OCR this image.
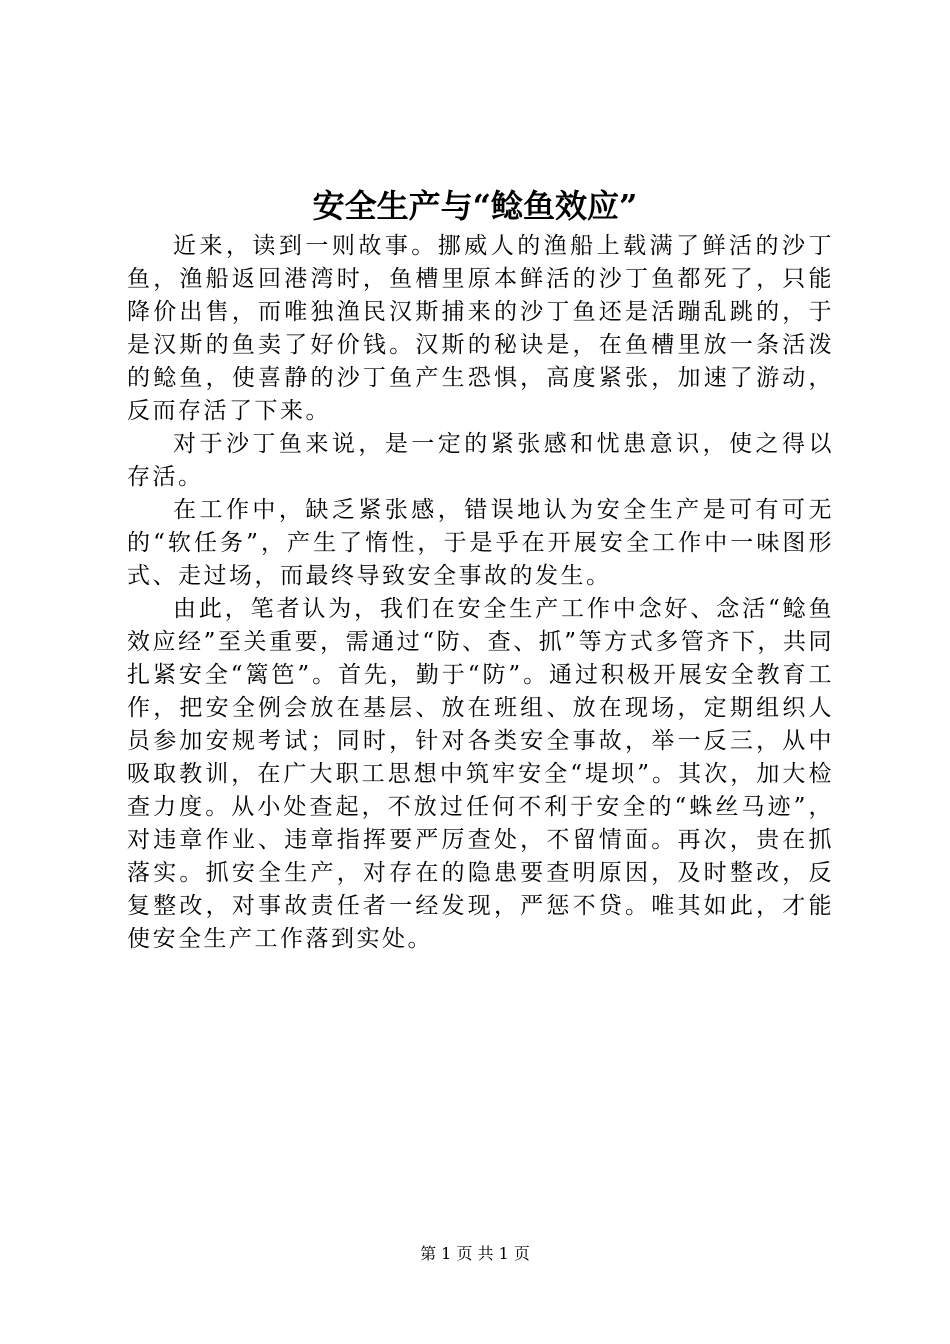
安全生产与“鲶鱼效应”

近来，读到一则故事。挪威人的渔船上载满了鲜活的沙丁鱼，渔船返回港湾时，鱼槽里原本鲜活的沙丁鱼都死了，只能降价出售，而唯独渔民汉斯捕来的沙丁鱼还是活蹦乱跳的，于是汉斯的鱼卖了好价钱。汉斯的秘诀是，在鱼槽里放一条活泼的鲶鱼，使喜静的沙丁鱼产生恐惧，高度紧张，加速了游动，反而存活了下来。

对于沙丁鱼来说，是一定的紧张感和忧患意识，使之得以存活。

在工作中，缺乏紧张感，错误地认为安全生产是可有可无的“软任务”，产生了惰性，于是乎在开展安全工作中一味图形式、走过场，而最终导致安全事故的发生。

由此，笔者认为，我们在安全生产工作中念好、念活“鲶鱼效应经”至关重要，需通过“防、查、抓”等方式多管齐下，共同扎紧安全“篱笆”。首先，勤于“防”。通过积极开展安全教育工作，把安全例会放在基层、放在班组、放在现场，定期组织人员参加安规考试；同时，针对各类安全事故，举一反三，从中吸取教训，在广大职工思想中筑牢安全“堤坝”。其次，加大检查力度。从小处查起，不放过任何不利于安全的“蛛丝马迹”，对违章作业、违章指挥要严厉查处，不留情面。再次，贵在抓落实。抓安全生产，对存在的隐患要查明原因，及时整改，反复整改，对事故责任者一经发现，严惩不贷。唯其如此，才能使安全生产工作落到实处。

第 1 页 共 1 页
